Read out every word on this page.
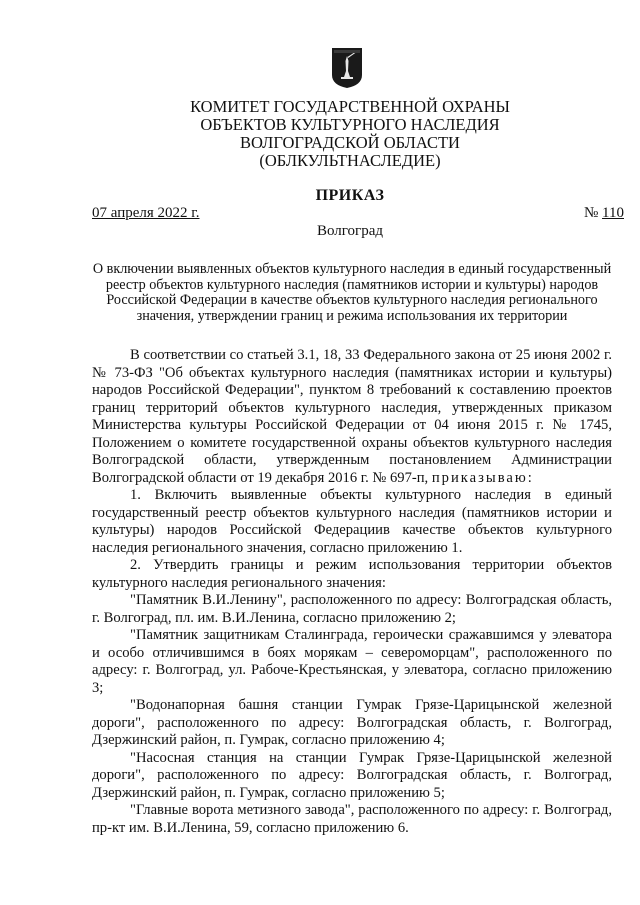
КОМИТЕТ ГОСУДАРСТВЕННОЙ ОХРАНЫ
ОБЪЕКТОВ КУЛЬТУРНОГО НАСЛЕДИЯ
ВОЛГОГРАДСКОЙ ОБЛАСТИ
(ОБЛКУЛЬТНАСЛЕДИЕ)
ПРИКАЗ
07 апреля 2022 г.	№ 110
Волгоград
О включении выявленных объектов культурного наследия в единый государственный реестр объектов культурного наследия (памятников истории и культуры) народов Российской Федерации в качестве объектов культурного наследия регионального значения, утверждении границ и режима использования их территории

В соответствии со статьей 3.1, 18, 33 Федерального закона от 25 июня 2002 г. № 73-ФЗ "Об объектах культурного наследия (памятниках истории и культуры) народов Российской Федерации", пунктом 8 требований к составлению проектов границ территорий объектов культурного наследия, утвержденных приказом Министерства культуры Российской Федерации от 04 июня 2015 г. № 1745, Положением о комитете государственной охраны объектов культурного наследия Волгоградской области, утвержденным постановлением Администрации Волгоградской области от 19 декабря 2016 г. № 697-п, приказываю:

1. Включить выявленные объекты культурного наследия в единый государственный реестр объектов культурного наследия (памятников истории и культуры) народов Российской Федерациив качестве объектов культурного наследия регионального значения, согласно приложению 1.

2. Утвердить границы и режим использования территории объектов культурного наследия регионального значения:

"Памятник В.И.Ленину", расположенного по адресу: Волгоградская область, г. Волгоград, пл. им. В.И.Ленина, согласно приложению 2;

"Памятник защитникам Сталинграда, героически сражавшимся у элеватора и особо отличившимся в боях морякам – североморцам", расположенного по адресу: г. Волгоград, ул. Рабоче-Крестьянская, у элеватора, согласно приложению 3;

"Водонапорная башня станции Гумрак Грязе-Царицынской железной дороги", расположенного по адресу: Волгоградская область, г. Волгоград, Дзержинский район, п. Гумрак, согласно приложению 4;

"Насосная станция на станции Гумрак Грязе-Царицынской железной дороги", расположенного по адресу: Волгоградская область, г. Волгоград, Дзержинский район, п. Гумрак, согласно приложению 5;

"Главные ворота метизного завода", расположенного по адресу: г. Волгоград, пр-кт им. В.И.Ленина, 59, согласно приложению 6.
